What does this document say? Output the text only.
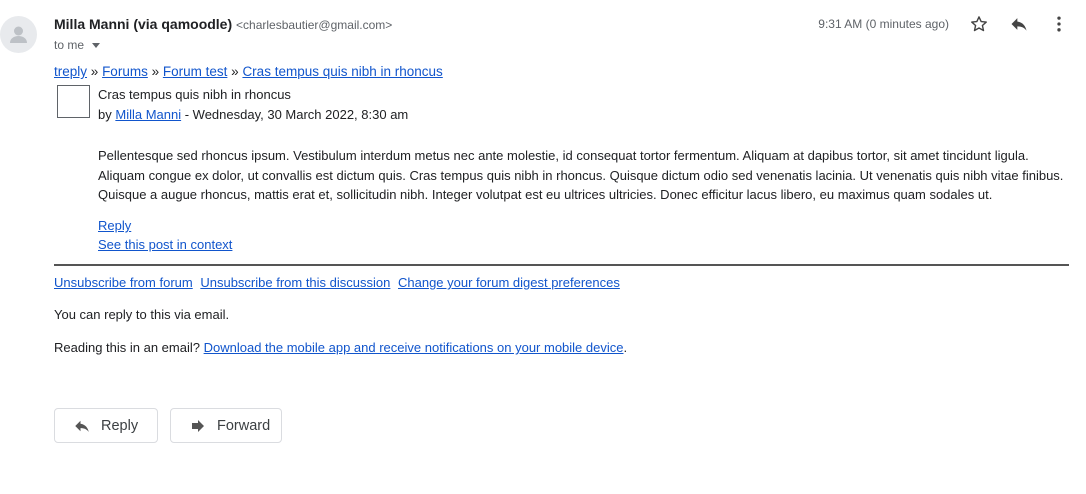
Milla Manni (via qamoodle) <charlesbautier@gmail.com>
to me
9:31 AM (0 minutes ago)
treply » Forums » Forum test » Cras tempus quis nibh in rhoncus
Cras tempus quis nibh in rhoncus
by Milla Manni - Wednesday, 30 March 2022, 8:30 am
Pellentesque sed rhoncus ipsum. Vestibulum interdum metus nec ante molestie, id consequat tortor fermentum. Aliquam at dapibus tortor, sit amet tincidunt ligula. Aliquam congue ex dolor, ut convallis est dictum quis. Cras tempus quis nibh in rhoncus. Quisque dictum odio sed venenatis lacinia. Ut venenatis quis nibh vitae finibus. Quisque a augue rhoncus, mattis erat et, sollicitudin nibh. Integer volutpat est eu ultrices ultricies. Donec efficitur lacus libero, eu maximus quam sodales ut.
Reply
See this post in context
Unsubscribe from forum Unsubscribe from this discussion Change your forum digest preferences
You can reply to this via email.
Reading this in an email? Download the mobile app and receive notifications on your mobile device.
Reply	Forward
